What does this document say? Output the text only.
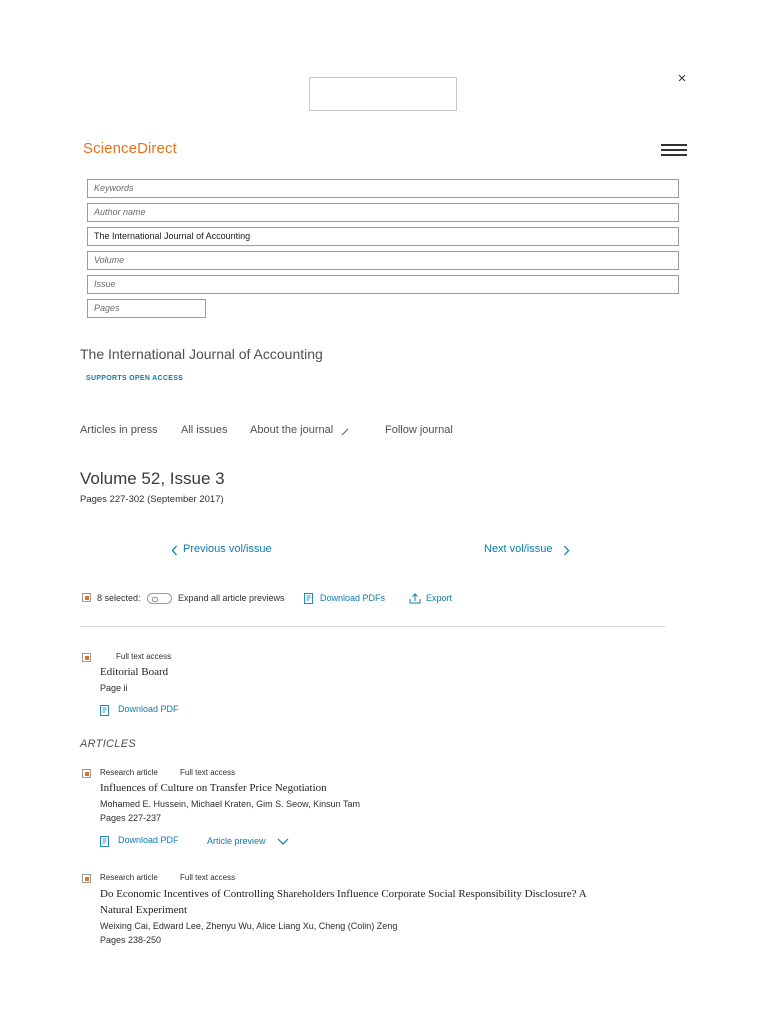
×
ScienceDirect
Keywords
Author name
The International Journal of Accounting
Volume
Issue
Pages
The International Journal of Accounting
SUPPORTS OPEN ACCESS
Articles in press All issues About the journal	Follow journal
Volume 52, Issue 3
Pages 227-302 (September 2017)
Previous vol/issue	Next vol/issue
8 selected:	Expand all article previews	Download PDFs	Export
Full text access
Editorial Board
Page ii
Download PDF
ARTICLES
Research article	Full text access
Influences of Culture on Transfer Price Negotiation
Mohamed E. Hussein, Michael Kraten, Gim S. Seow, Kinsun Tam
Pages 227-237
Download PDF	Article preview
Research article	Full text access
Do Economic Incentives of Controlling Shareholders Influence Corporate Social Responsibility Disclosure? A
Natural Experiment
Weixing Cai, Edward Lee, Zhenyu Wu, Alice Liang Xu, Cheng (Colin) Zeng
Pages 238-250
